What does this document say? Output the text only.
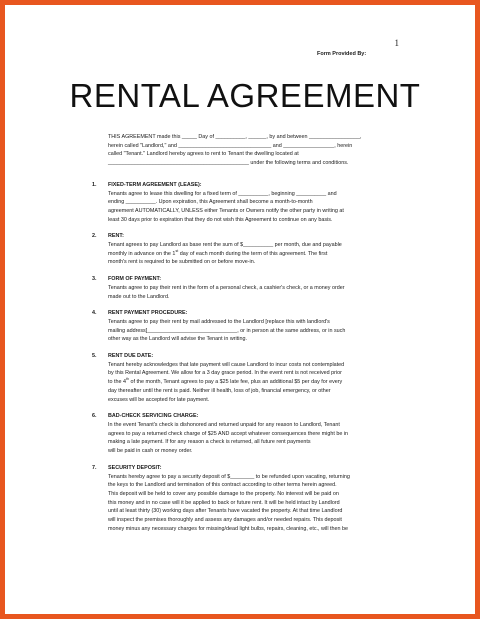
1
Form Provided By:
RENTAL AGREEMENT
THIS AGREEMENT made this _____ Day of __________, ______, by and between _________________,
herein called "Landlord," and _______________________________ and _________________, herein
called "Tenant." Landlord hereby agrees to rent to Tenant the dwelling located at
_______________________________________________ under the following terms and conditions.
1. FIXED-TERM AGREEMENT (LEASE):
Tenants agree to lease this dwelling for a fixed term of __________, beginning __________ and
ending __________. Upon expiration, this Agreement shall become a month-to-month
agreement AUTOMATICALLY, UNLESS either Tenants or Owners notify the other party in writing at
least 30 days prior to expiration that they do not wish this Agreement to continue on any basis.
2. RENT:
Tenant agrees to pay Landlord as base rent the sum of $__________ per month, due and payable
monthly in advance on the 1st day of each month during the term of this agreement. The first
month's rent is required to be submitted on or before move-in.
3. FORM OF PAYMENT:
Tenants agree to pay their rent in the form of a personal check, a cashier's check, or a money order
made out to the Landlord.
4. RENT PAYMENT PROCEDURE:
Tenants agree to pay their rent by mail addressed to the Landlord [replace this with landlord's
mailing address]______________________________, or in person at the same address, or in such
other way as the Landlord will advise the Tenant in writing.
5. RENT DUE DATE:
Tenant hereby acknowledges that late payment will cause Landlord to incur costs not contemplated
by this Rental Agreement. We allow for a 3 day grace period. In the event rent is not received prior
to the 4th of the month, Tenant agrees to pay a $25 late fee, plus an additional $5 per day for every
day thereafter until the rent is paid. Neither ill health, loss of job, financial emergency, or other
excuses will be accepted for late payment.
6. BAD-CHECK SERVICING CHARGE:
In the event Tenant's check is dishonored and returned unpaid for any reason to Landlord, Tenant
agrees to pay a returned check charge of $25 AND accept whatever consequences there might be in
making a late payment. If for any reason a check is returned, all future rent payments
will be paid in cash or money order.
7. SECURITY DEPOSIT:
Tenants hereby agree to pay a security deposit of $________ to be refunded upon vacating, returning
the keys to the Landlord and termination of this contract according to other terms herein agreed.
This deposit will be held to cover any possible damage to the property. No interest will be paid on
this money and in no case will it be applied to back or future rent. It will be held intact by Landlord
until at least thirty (30) working days after Tenants have vacated the property. At that time Landlord
will inspect the premises thoroughly and assess any damages and/or needed repairs. This deposit
money minus any necessary charges for missing/dead light bulbs, repairs, cleaning, etc., will then be
